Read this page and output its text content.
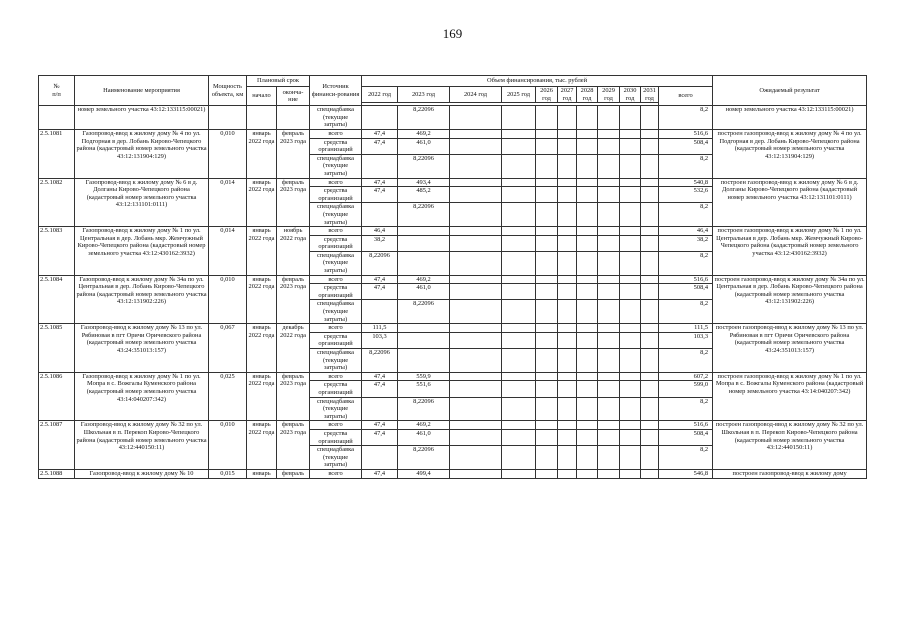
169
№
п/п	Наименование мероприятия	Мощность объекта, км	Плановый срок		Источник финанси-рования	Объем финансирования, тыс. рублей											Ожидаемый результат
			начало	оконча-ние		2022 год	2023 год	2024 год	2025 год	2026 год	2027 год	2028 год	2029 год	2030 год	2031 год	всего	

	номер земельного участка 43:12:133115:00021)				спецнадбавка (текущие затраты)		8,22096									8,2	номер земельного участка 43:12:133115:00021)
2.5.1081	Газопровод-ввод к жилому дому № 4 по ул. Подгорная в дер. Лобань Кирово-Чепецкого района (кадастровый номер земельного участка 43:12:131904:129)	0,010	январь 2022 года	февраль 2023 года	всего	47,4	469,2									516,6	построен газопровод-ввод к жилому дому № 4 по ул. Подгорная в дер. Лобань Кирово-Чепецкого района (кадастровый номер земельного участка 43:12:131904:129)
					средства организаций	47,4	461,0									508,4	
					спецнадбавка (текущие затраты)		8,22096									8,2	
2.5.1082	Газопровод-ввод к жилому дому № 6 в д. Долганы Кирово-Чепецкого района (кадастровый номер земельного участка 43:12:131101:0111)	0,014	январь 2022 года	февраль 2023 года	всего	47,4	493,4									540,8	построен газопровод-ввод к жилому дому № 6 в д. Долганы Кирово-Чепецкого района (кадастровый номер земельного участка 43:12:131101:0111)
					средства организаций	47,4	485,2									532,6	
					спецнадбавка (текущие затраты)		8,22096									8,2	
2.5.1083	Газопровод-ввод к жилому дому № 1 по ул. Центральная в дер. Лобань мкр. Жемчужный Кирово-Чепецкого района (кадастровый номер земельного участка 43:12:430162:3932)	0,014	январь 2022 года	ноябрь 2022 года	всего	46,4										46,4	построен газопровод-ввод к жилому дому № 1 по ул. Центральная в дер. Лобань мкр. Жемчужный Кирово-Чепецкого района (кадастровый номер земельного участка 43:12:430162:3932)
					средства организаций	38,2										38,2	
					спецнадбавка (текущие затраты)	8,22096										8,2	
2.5.1084	Газопровод-ввод к жилому дому № 34а по ул. Центральная в дер. Лобань Кирово-Чепецкого района (кадастровый номер земельного участка 43:12:131902:226)	0,010	январь 2022 года	февраль 2023 года	всего	47,4	469,2									516,6	построен газопровод-ввод к жилому дому № 34а по ул. Центральная в дер. Лобань Кирово-Чепецкого района (кадастровый номер земельного участка 43:12:131902:226)
					средства организаций	47,4	461,0									508,4	
					спецнадбавка (текущие затраты)		8,22096									8,2	
2.5.1085	Газопровод-ввод к жилому дому № 13 по ул. Рябиновая в пгт Оричи Оричевского района (кадастровый номер земельного участка 43:24:351013:157)	0,067	январь 2022 года	декабрь 2022 года	всего	111,5										111,5	построен газопровод-ввод к жилому дому № 13 по ул. Рябиновая в пгт Оричи Оричевского района (кадастровый номер земельного участка 43:24:351013:157)
					средства организаций	103,3										103,3	
					спецнадбавка (текущие затраты)	8,22096										8,2	
2.5.1086	Газопровод-ввод к жилому дому № 1 по ул. Мопра в с. Вожгалы Куменского района (кадастровый номер земельного участка 43:14:040207:342)	0,025	январь 2022 года	февраль 2023 года	всего	47,4	559,9									607,2	построен газопровод-ввод к жилому дому № 1 по ул. Мопра в с. Вожгалы Куменского района (кадастровый номер земельного участка 43:14:040207:342)
					средства организаций	47,4	551,6									599,0	
					спецнадбавка (текущие затраты)		8,22096									8,2	
2.5.1087	Газопровод-ввод к жилому дому № 32 по ул. Школьная в п. Перекоп Кирово-Чепецкого района (кадастровый номер земельного участка 43:12:440150:11)	0,010	январь 2022 года	февраль 2023 года	всего	47,4	469,2									516,6	построен газопровод-ввод к жилому дому № 32 по ул. Школьная в п. Перекоп Кирово-Чепецкого района (кадастровый номер земельного участка 43:12:440150:11)
					средства организаций	47,4	461,0									508,4	
					спецнадбавка (текущие затраты)		8,22096									8,2	
2.5.1088	Газопровод-ввод к жилому дому № 10	0,015	январь	февраль	всего	47,4	499,4									546,8	построен газопровод-ввод к жилому дому
